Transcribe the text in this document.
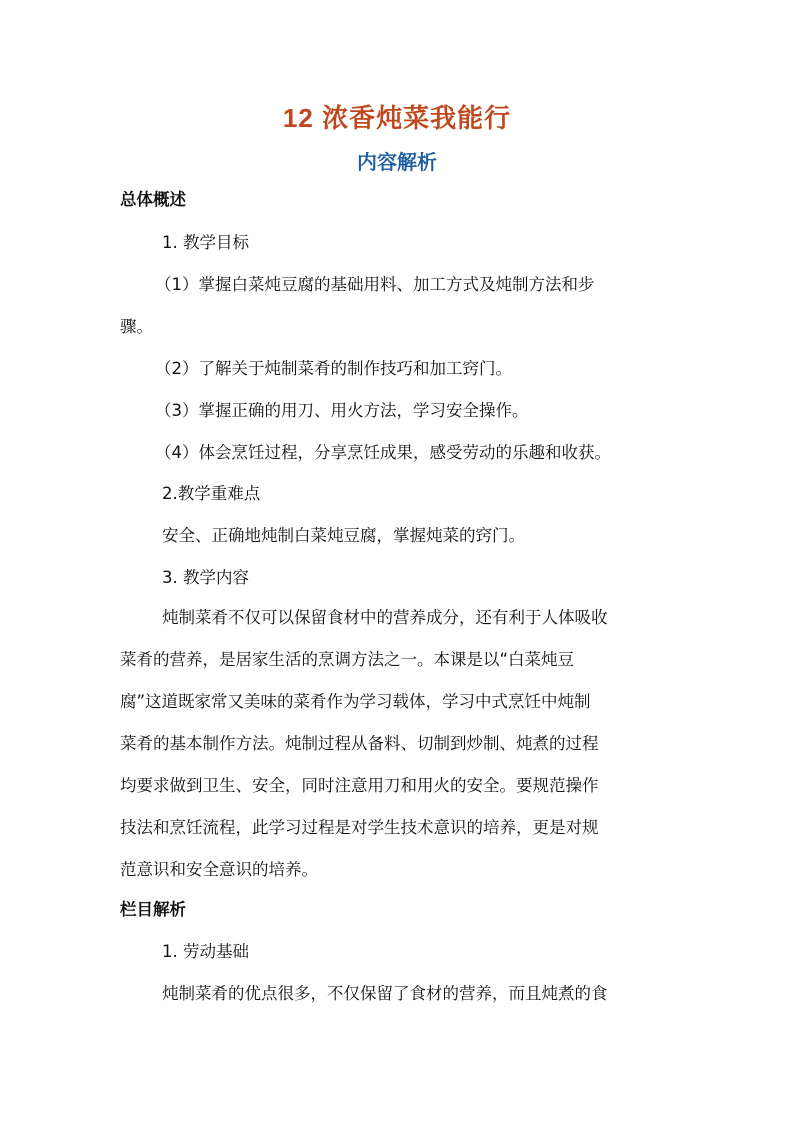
12 浓香炖菜我能行
内容解析
总体概述
1. 教学目标
（1）掌握白菜炖豆腐的基础用料、加工方式及炖制方法和步
骤。
（2）了解关于炖制菜肴的制作技巧和加工窍门。
（3）掌握正确的用刀、用火方法，学习安全操作。
（4）体会烹饪过程，分享烹饪成果，感受劳动的乐趣和收获。
2.教学重难点
安全、正确地炖制白菜炖豆腐，掌握炖菜的窍门。
3. 教学内容
炖制菜肴不仅可以保留食材中的营养成分，还有利于人体吸收
菜肴的营养，是居家生活的烹调方法之一。本课是以“白菜炖豆
腐”这道既家常又美味的菜肴作为学习载体，学习中式烹饪中炖制
菜肴的基本制作方法。炖制过程从备料、切制到炒制、炖煮的过程
均要求做到卫生、安全，同时注意用刀和用火的安全。要规范操作
技法和烹饪流程，此学习过程是对学生技术意识的培养，更是对规
范意识和安全意识的培养。
栏目解析
1. 劳动基础
炖制菜肴的优点很多，不仅保留了食材的营养，而且炖煮的食
